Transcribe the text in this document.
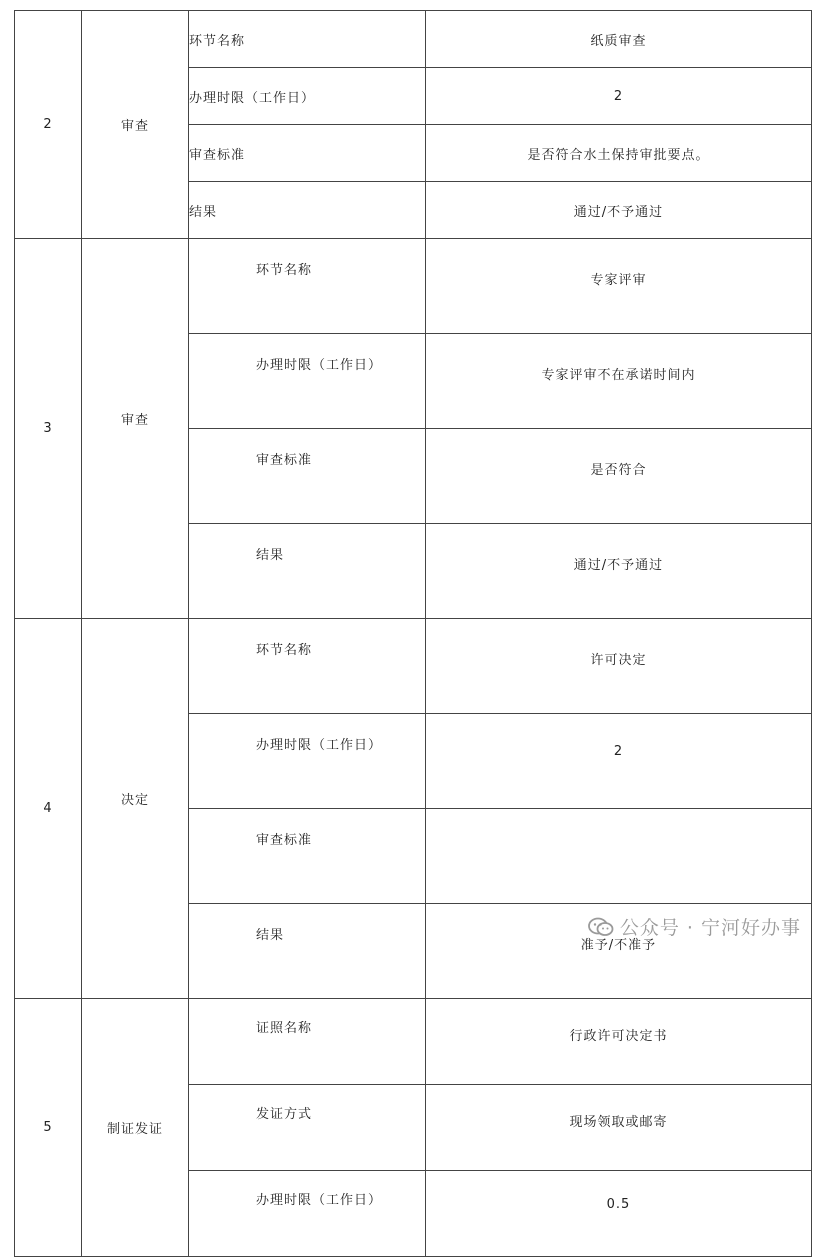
2	审查	环节名称	纸质审查
		办理时限（工作日）	2
		审查标准	是否符合水土保持审批要点。
		结果	通过/不予通过
3	审查	环节名称	专家评审
		办理时限（工作日）	专家评审不在承诺时间内
		审查标准	是否符合
		结果	通过/不予通过
4	决定	环节名称	许可决定
		办理时限（工作日）	2
		审查标准	
		结果	准予/不准予
5	制证发证	证照名称	行政许可决定书
		发证方式	现场领取或邮寄
		办理时限（工作日）	0.5
公众号 · 宁河好办事
